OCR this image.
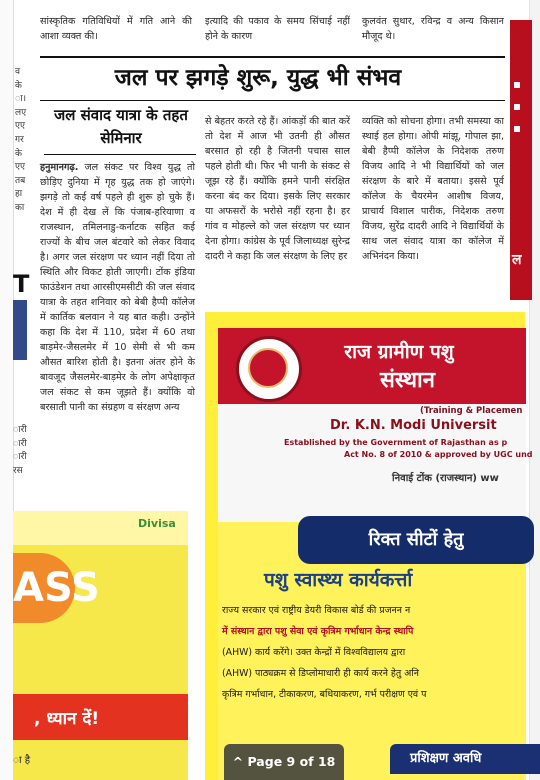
व
के
ा।
लए
एए
गर
के
एए
तब
हा
का
T
ारी
ारी
ारी
रस
सांस्कृतिक गतिविधियों में गति आने की आशा व्यक्त की।
इत्यादि की पकाव के समय सिंचाई नहीं होने के कारण
कुलवंत सुथार, रविन्द्र व अन्य किसान मौजूद थे।
जल पर झगड़े शुरू, युद्ध भी संभव
जल संवाद यात्रा के तहत सेमिनार

हनुमानगढ़. जल संकट पर विश्व युद्ध तो छोड़िए दुनिया में गृह युद्ध तक हो जाएंगे। झगड़े तो कई वर्ष पहले ही शुरू हो चुके हैं। देश में ही देख लें कि पंजाब-हरियाणा व राजस्थान, तमिलनाडु-कर्नाटक सहित कई राज्यों के बीच जल बंटवारे को लेकर विवाद है। अगर जल संरक्षण पर ध्यान नहीं दिया तो स्थिति और विकट होती जाएगी। टोंक इंडिया फाउंडेशन तथा आरसीएमसीटी की जल संवाद यात्रा के तहत शनिवार को बेबी हैप्पी कॉलेज में कार्तिक बलवान ने यह बात कही। उन्होंने कहा कि देश में 110, प्रदेश में 60 तथा बाड़मेर-जैसलमेर में 10 सेमी से भी कम औसत बारिश होती है। इतना अंतर होने के बावजूद जैसलमेर-बाड़मेर के लोग अपेक्षाकृत जल संकट से कम जूझते हैं। क्योंकि वो बरसाती पानी का संग्रहण व संरक्षण अन्य

से बेहतर करते रहे हैं। आंकड़ों की बात करें तो देश में आज भी उतनी ही औसत बरसात हो रही है जितनी पचास साल पहले होती थी। फिर भी पानी के संकट से जूझ रहे हैं। क्योंकि हमने पानी संरक्षित करना बंद कर दिया। इसके लिए सरकार या अफसरों के भरोसे नहीं रहना है। हर गांव व मोहल्ले को जल संरक्षण पर ध्यान देना होगा। कांग्रेस के पूर्व जिलाध्यक्ष सुरेन्द्र दादरी ने कहा कि जल संरक्षण के लिए हर
व्यक्ति को सोचना होगा। तभी समस्या का स्थाई हल होगा। ओपी मांझू, गोपाल झा, बेबी हैप्पी कॉलेज के निदेशक तरुण विजय आदि ने भी विद्यार्थियों को जल संरक्षण के बारे में बताया। इससे पूर्व कॉलेज के चैयरमेन आशीष विजय, प्राचार्य विशाल पारीक, निदेशक तरुण विजय, सुरेंद्र दादरी आदि ने विद्यार्थियों के साथ जल संवाद यात्रा का कॉलेज में अभिनंदन किया।	ल
राज ग्रामीण पशु
संस्थान
(Training & Placemen
Dr. K.N. Modi Universit
Established by the Government of Rajasthan as p
Act No. 8 of 2010 & approved by UGC und
निवाई टोंक (राजस्थान) ww
रिक्त सीटों हेतु
पशु स्वास्थ्य कार्यकर्त्ता
राज्य सरकार एवं राष्ट्रीय डेयरी विकास बोर्ड की प्रजनन न
में संस्थान द्वारा पशु सेवा एवं कृत्रिम गर्भाधान केन्द्र स्थापि
(AHW) कार्य करेंगे। उक्त केन्द्रों में विश्वविद्यालय द्वारा
(AHW) पाठ्यक्रम से डिप्लोमाधारी ही कार्य करने हेतु अनि
कृत्रिम गर्भाधान, टीकाकरण, बधियाकरण, गर्भ परीक्षण एवं प
प्रशिक्षण अवधि
Divisa
ASS
, ध्यान दें!
ा है	^ Page 9 of 18
